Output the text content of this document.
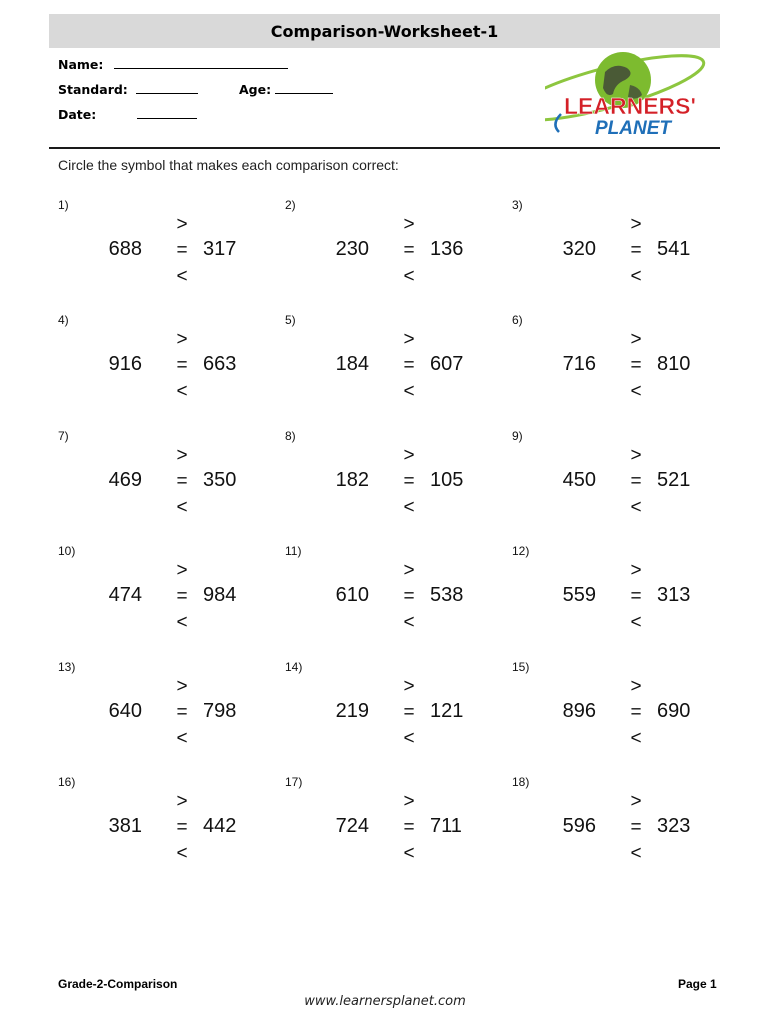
Comparison-Worksheet-1
Name:
Standard:	Age:
Date:	LEARNERS'
PLANET
Circle the symbol that makes each comparison correct:
1)
688	317
>
=
<
2)
230	136
>
=
<
3)
320	541
>
=
<
4)
916	663
>
=
<
5)
184	607
>
=
<
6)
716	810
>
=
<
7)
469	350
>
=
<
8)
182	105
>
=
<
9)
450	521
>
=
<
10)
474	984
>
=
<
11)
610	538
>
=
<
12)
559	313
>
=
<
13)
640	798
>
=
<
14)
219	121
>
=
<
15)
896	690
>
=
<
16)
381	442
>
=
<
17)
724	711
>
=
<
18)
596	323
>
=
<
Grade-2-Comparison	Page 1
www.learnersplanet.com
